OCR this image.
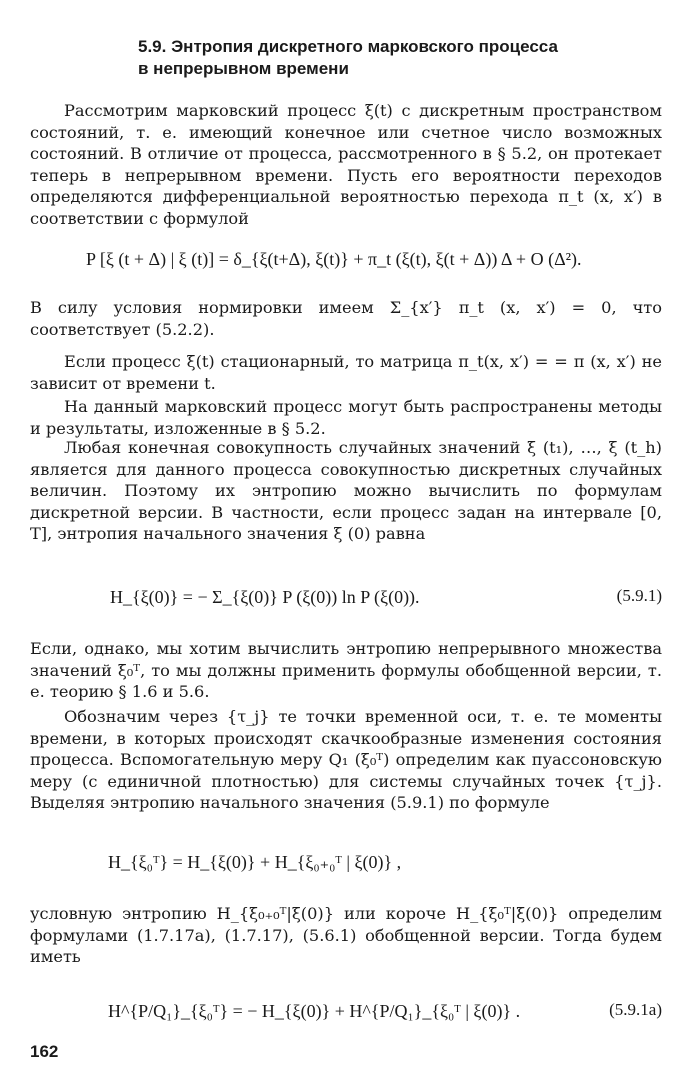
5.9. Энтропия дискретного марковского процесса
в непрерывном времени
Рассмотрим марковский процесс ξ(t) с дискретным пространством состояний, т. е. имеющий конечное или счетное число возможных состояний. В отличие от процесса, рассмотренного в § 5.2, он протекает теперь в непрерывном времени. Пусть его вероятности переходов определяются дифференциальной вероятностью перехода π_t (x, x′) в соответствии с формулой
P [ξ (t + Δ) | ξ (t)] = δ_{ξ(t+Δ), ξ(t)} + π_t (ξ(t), ξ(t + Δ)) Δ + O (Δ²).
В силу условия нормировки имеем Σ_{x′} π_t (x, x′) = 0, что соответствует (5.2.2).
Если процесс ξ(t) стационарный, то матрица π_t(x, x′) = = π (x, x′) не зависит от времени t.
На данный марковский процесс могут быть распространены методы и результаты, изложенные в § 5.2.
Любая конечная совокупность случайных значений ξ (t₁), …, ξ (t_h) является для данного процесса совокупностью дискретных случайных величин. Поэтому их энтропию можно вычислить по формулам дискретной версии. В частности, если процесс задан на интервале [0, T], энтропия начального значения ξ (0) равна
H_{ξ(0)} = − Σ_{ξ(0)} P (ξ(0)) ln P (ξ(0)).	(5.9.1)
Если, однако, мы хотим вычислить энтропию непрерывного множества значений ξ₀ᵀ, то мы должны применить формулы обобщенной версии, т. е. теорию § 1.6 и 5.6.
Обозначим через {τ_j} те точки временной оси, т. е. те моменты времени, в которых происходят скачкообразные изменения состояния процесса. Вспомогательную меру Q₁ (ξ₀ᵀ) определим как пуассоновскую меру (с единичной плотностью) для системы случайных точек {τ_j}. Выделяя энтропию начального значения (5.9.1) по формуле
H_{ξ₀ᵀ} = H_{ξ(0)} + H_{ξ₀₊₀ᵀ | ξ(0)} ,
условную энтропию H_{ξ₀₊₀ᵀ|ξ(0)} или короче H_{ξ₀ᵀ|ξ(0)} определим формулами (1.7.17а), (1.7.17), (5.6.1) обобщенной версии. Тогда будем иметь
H^{P/Q₁}_{ξ₀ᵀ} = − H_{ξ(0)} + H^{P/Q₁}_{ξ₀ᵀ | ξ(0)} .	(5.9.1а)
162
